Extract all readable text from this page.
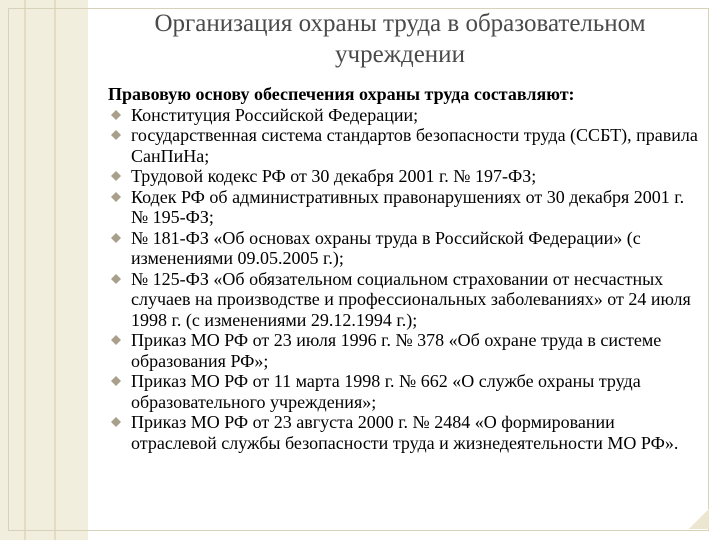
Организация охраны труда в образовательном учреждении

Правовую основу обеспечения охраны труда составляют:

Конституция Российской Федерации;
государственная система стандартов безопасности труда (ССБТ), правила СанПиНа;
Трудовой кодекс РФ от 30 декабря 2001 г. № 197-ФЗ;
Кодек РФ об административных правонарушениях от 30 декабря 2001 г. № 195-ФЗ;
№ 181-ФЗ «Об основах охраны труда в Российской Федерации» (с изменениями 09.05.2005 г.);
№ 125-ФЗ «Об обязательном социальном страховании от несчастных случаев на производстве и профессиональных заболеваниях» от 24 июля 1998 г. (с изменениями 29.12.1994 г.);
Приказ МО РФ от 23 июля 1996 г. № 378 «Об охране труда в системе образования РФ»;
Приказ МО РФ от 11 марта 1998 г. № 662 «О службе охраны труда образовательного учреждения»;
Приказ МО РФ от 23 августа 2000 г. № 2484 «О формировании отраслевой службы безопасности труда и жизнедеятельности МО РФ».
